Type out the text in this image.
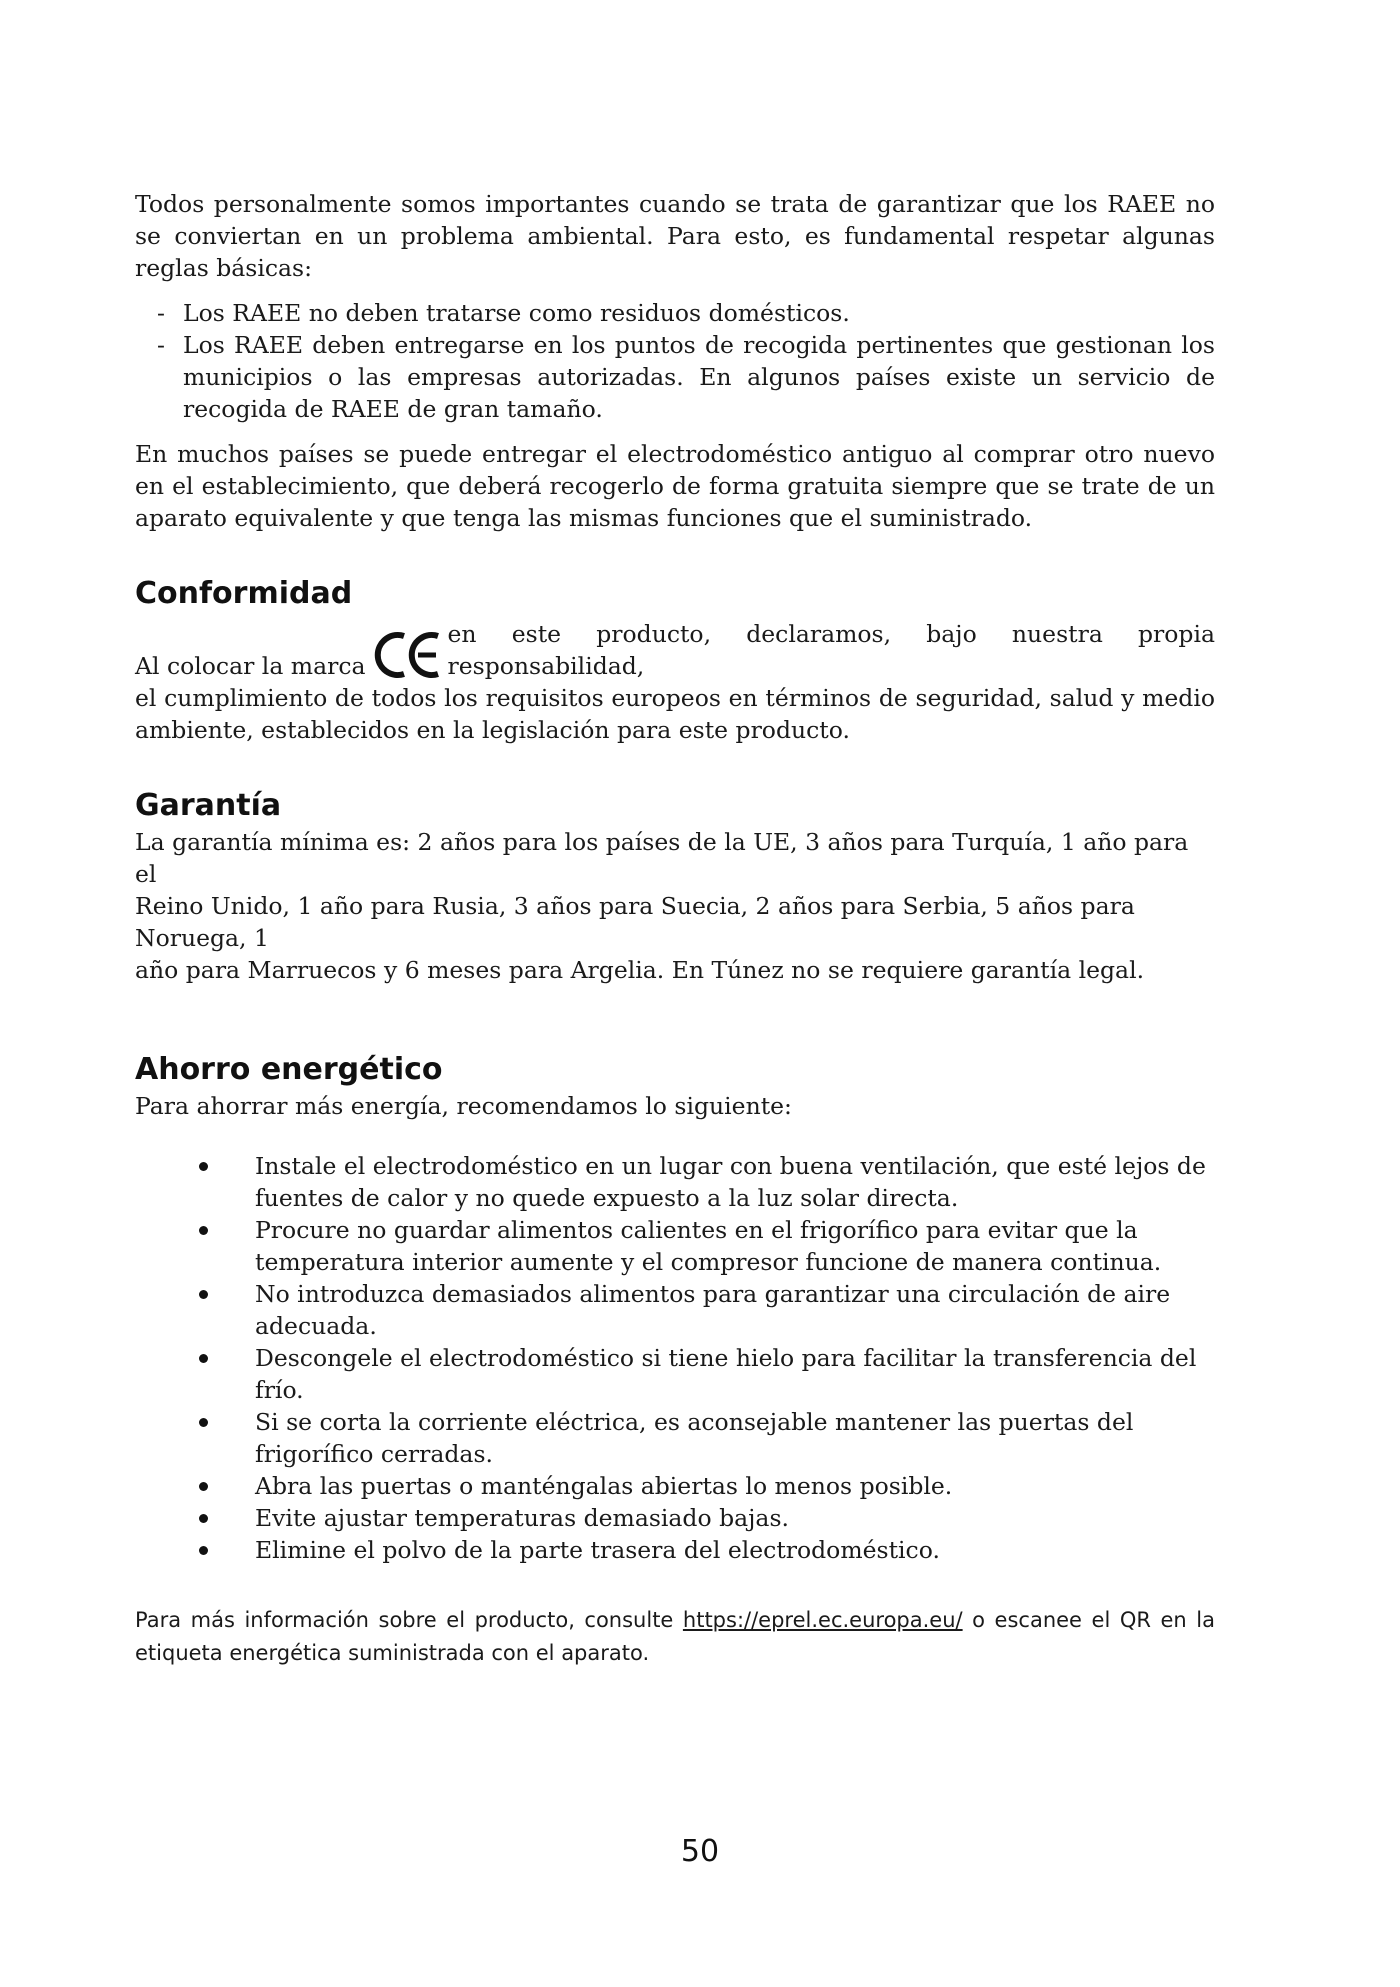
Todos personalmente somos importantes cuando se trata de garantizar que los RAEE no se conviertan en un problema ambiental. Para esto, es fundamental respetar algunas reglas básicas:

- Los RAEE no deben tratarse como residuos domésticos.
- Los RAEE deben entregarse en los puntos de recogida pertinentes que gestionan los municipios o las empresas autorizadas. En algunos países existe un servicio de recogida de RAEE de gran tamaño.

En muchos países se puede entregar el electrodoméstico antiguo al comprar otro nuevo en el establecimiento, que deberá recogerlo de forma gratuita siempre que se trate de un aparato equivalente y que tenga las mismas funciones que el suministrado.

Conformidad

Al colocar la marca
en este producto, declaramos, bajo nuestra propia responsabilidad,
el cumplimiento de todos los requisitos europeos en términos de seguridad, salud y medio ambiente, establecidos en la legislación para este producto.

Garantía

La garantía mínima es: 2 años para los países de la UE, 3 años para Turquía, 1 año para el
Reino Unido, 1 año para Rusia, 3 años para Suecia, 2 años para Serbia, 5 años para Noruega, 1
año para Marruecos y 6 meses para Argelia. En Túnez no se requiere garantía legal.

Ahorro energético

Para ahorrar más energía, recomendamos lo siguiente:

Instale el electrodoméstico en un lugar con buena ventilación, que esté lejos de fuentes de calor y no quede expuesto a la luz solar directa.
Procure no guardar alimentos calientes en el frigorífico para evitar que la temperatura interior aumente y el compresor funcione de manera continua.
No introduzca demasiados alimentos para garantizar una circulación de aire adecuada.
Descongele el electrodoméstico si tiene hielo para facilitar la transferencia del frío.
Si se corta la corriente eléctrica, es aconsejable mantener las puertas del frigorífico cerradas.
Abra las puertas o manténgalas abiertas lo menos posible.
Evite ajustar temperaturas demasiado bajas.
Elimine el polvo de la parte trasera del electrodoméstico.

Para más información sobre el producto, consulte https://eprel.ec.europa.eu/ o escanee el QR en la etiqueta energética suministrada con el aparato.

50
